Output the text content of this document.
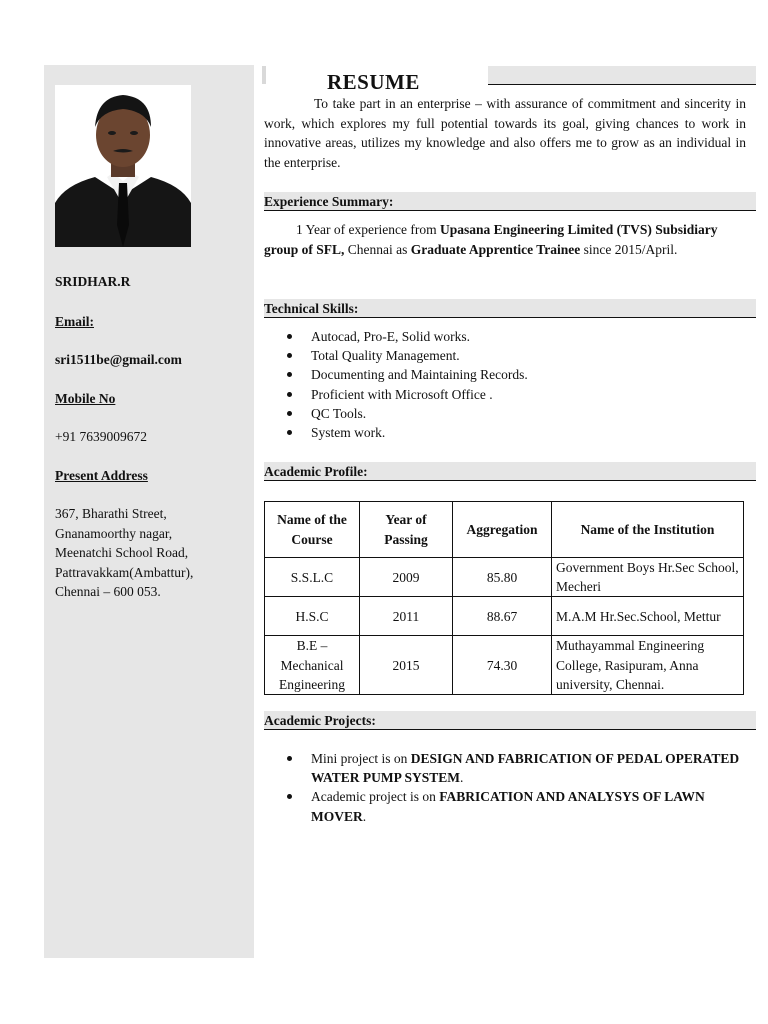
SRIDHAR.R
Email:
sri1511be@gmail.com
Mobile No
+91 7639009672
Present Address
367, Bharathi Street,
Gnanamoorthy nagar,
Meenatchi School Road,
Pattravakkam(Ambattur),
Chennai – 600 053.
RESUME
To take part in an enterprise – with assurance of commitment and sincerity in work, which explores my full potential towards its goal, giving chances to work in innovative areas, utilizes my knowledge and also offers me to grow as an individual in the enterprise.
Experience Summary:
1 Year of experience from Upasana Engineering Limited (TVS) Subsidiary group of SFL, Chennai as Graduate Apprentice Trainee since 2015/April.
Technical Skills:
Autocad, Pro-E, Solid works.
Total Quality Management.
Documenting and Maintaining Records.
Proficient with Microsoft Office .
QC Tools.
System work.
Academic Profile:
Name of the Course	Year of Passing	Aggregation	Name of the Institution
S.S.L.C	2009	85.80	Government Boys Hr.Sec School, Mecheri
H.S.C	2011	88.67	M.A.M Hr.Sec.School, Mettur
B.E – Mechanical Engineering	2015	74.30	Muthayammal Engineering College, Rasipuram, Anna university, Chennai.
Academic Projects:
Mini project is on DESIGN AND FABRICATION OF PEDAL OPERATED WATER PUMP SYSTEM.
Academic project is on FABRICATION AND ANALYSYS OF LAWN MOVER.
